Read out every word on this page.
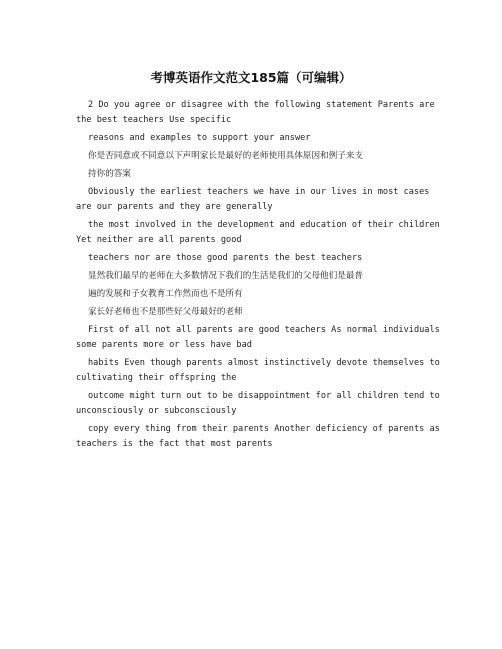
考博英语作文范文185篇（可编辑）
2 Do you agree or disagree with the following statement Parents are
the best teachers Use specific
reasons and examples to support your answer
你是否同意或不同意以下声明家长是最好的老师使用具体原因和例子来支
持你的答案
Obviously the earliest teachers we have in our lives in most cases
are our parents and they are generally
the most involved in the development and education of their children
Yet neither are all parents good
teachers nor are those good parents the best teachers
显然我们最早的老师在大多数情况下我们的生活是我们的父母他们是最普
遍的发展和子女教育工作然而也不是所有
家长好老师也不是那些好父母最好的老师
First of all not all parents are good teachers As normal individuals
some parents more or less have bad
habits Even though parents almost instinctively devote themselves to
cultivating their offspring the
outcome might turn out to be disappointment for all children tend to
unconsciously or subconsciously
copy every thing from their parents Another deficiency of parents as
teachers is the fact that most parents
